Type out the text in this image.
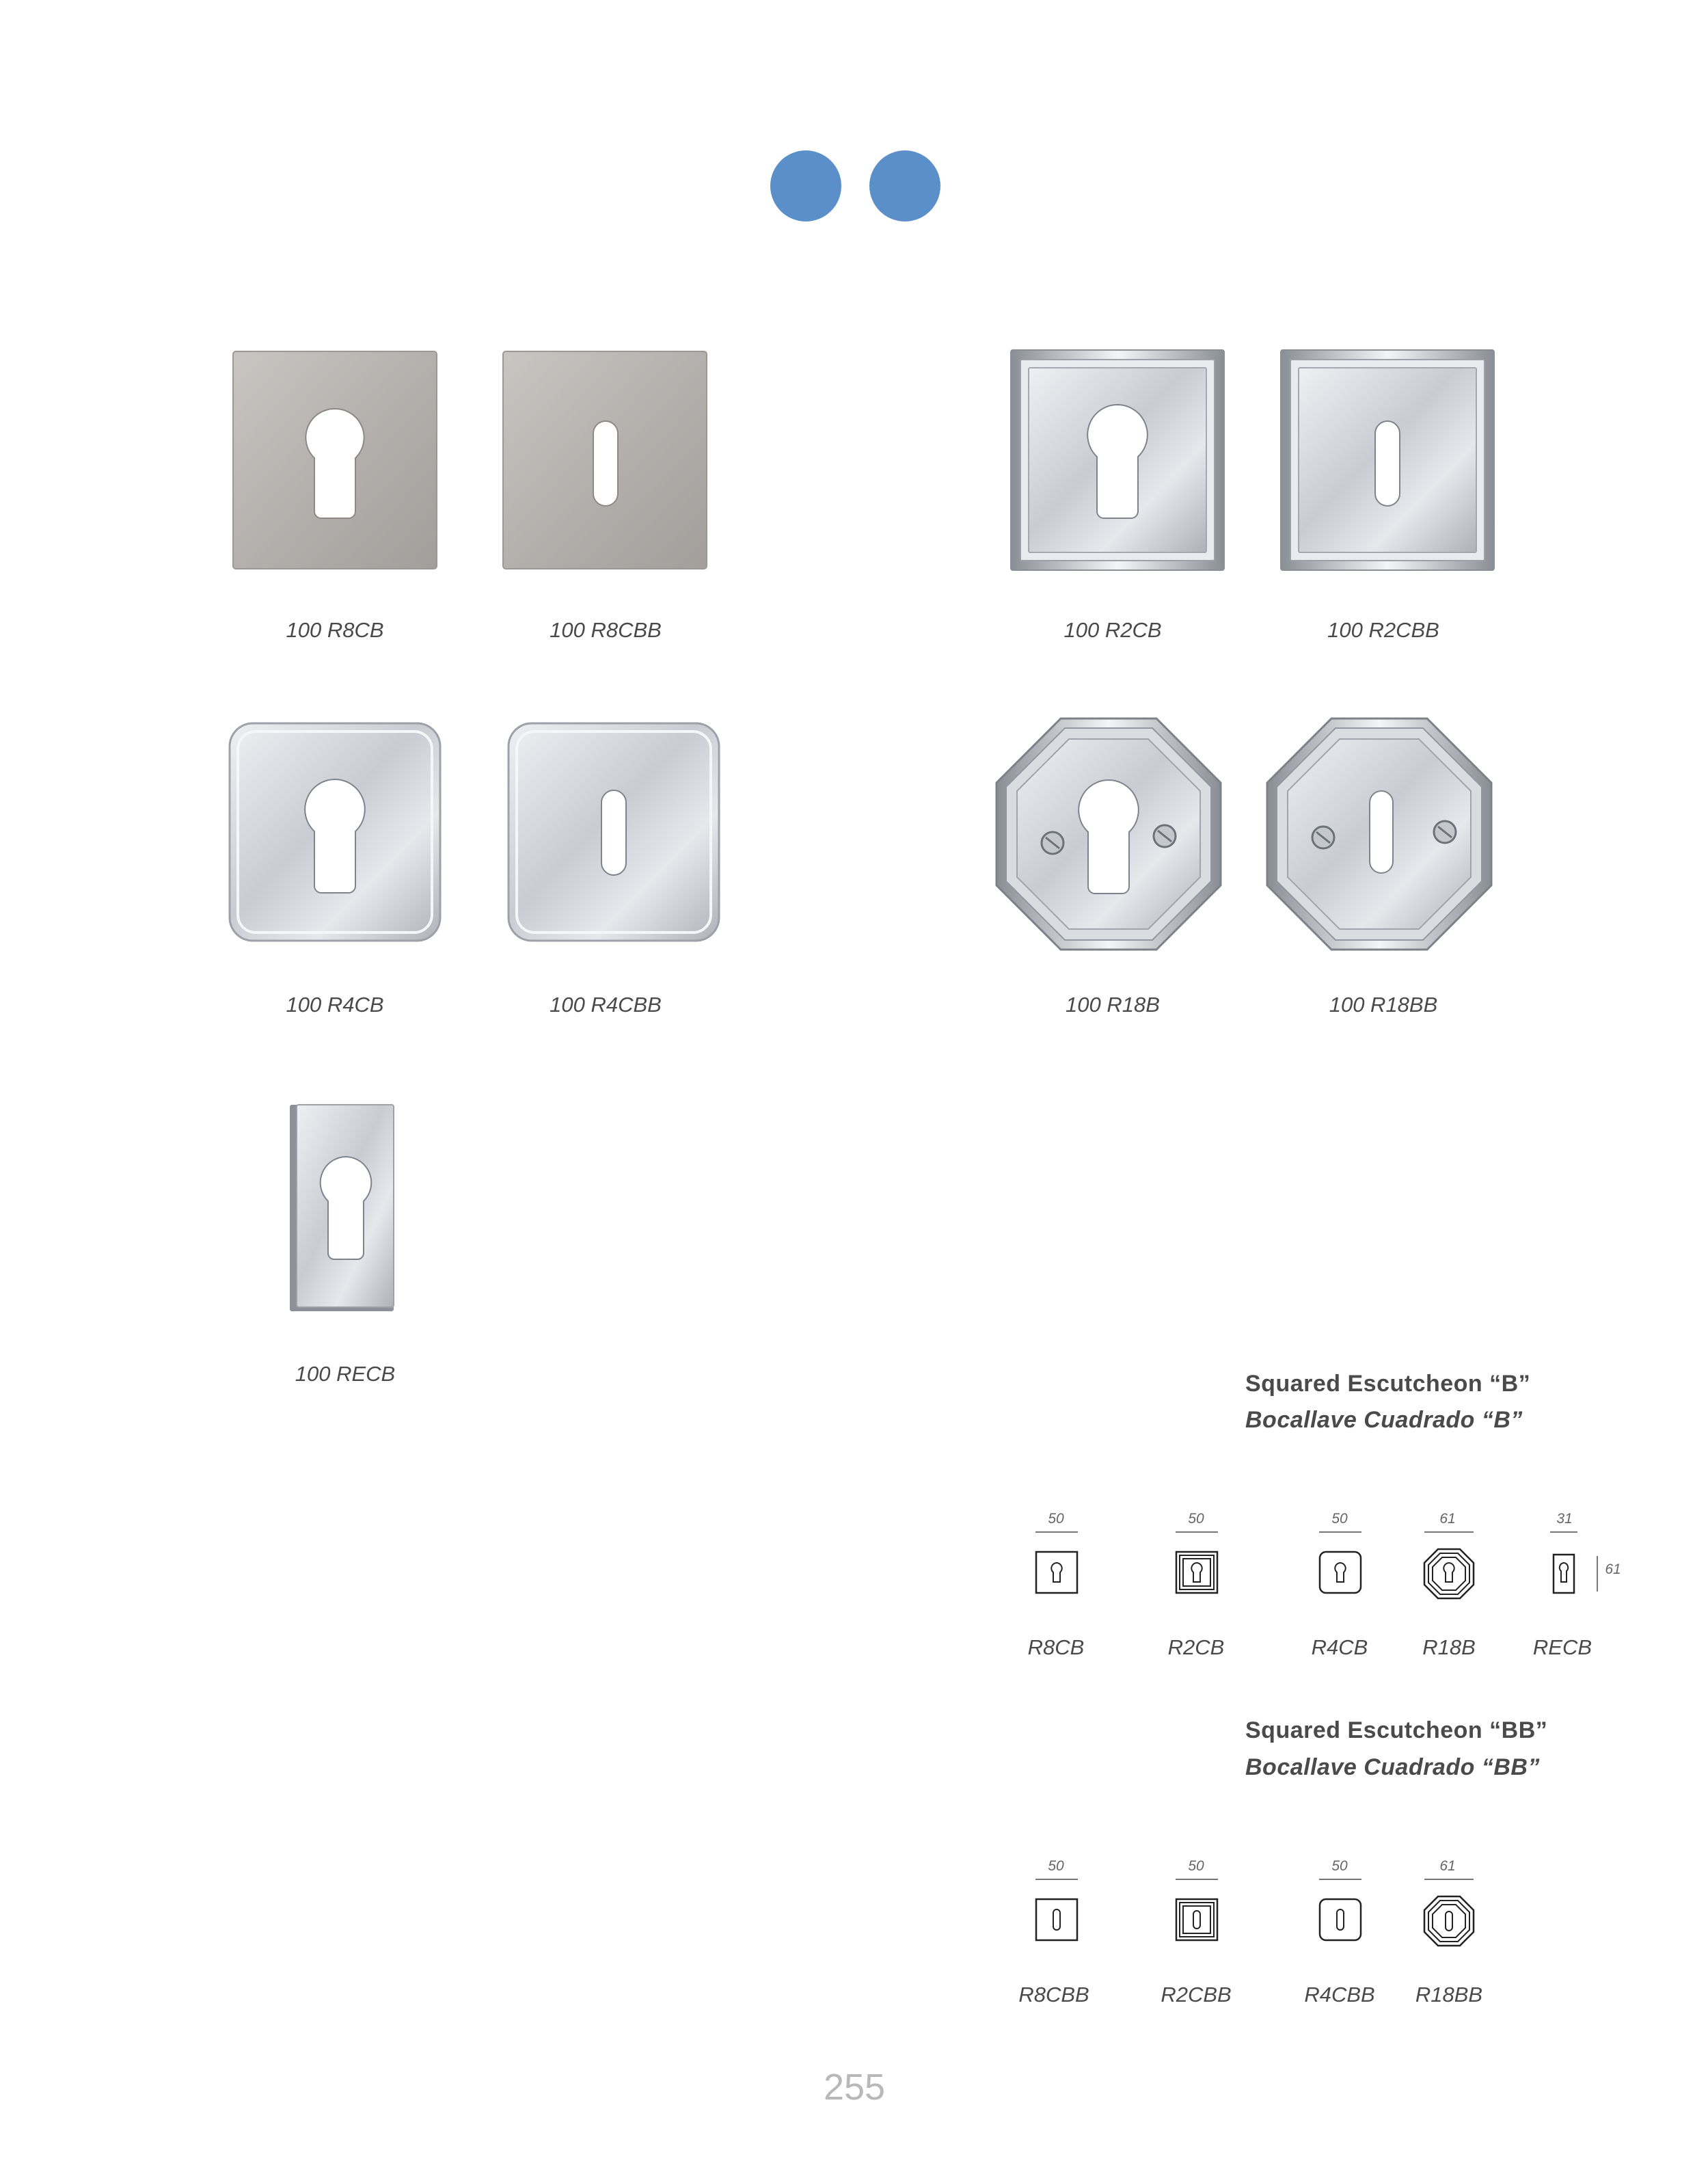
100 R8CB	100 R8CBB	100 R2CB	100 R2CBB
100 R4CB	100 R4CBB	100 R18B	100 R18BB
100 RECB	Squared Escutcheon “B”
Bocallave Cuadrado “B”
50
R8CB
50
R2CB
50
R4CB
61
R18B
31
61
RECB
Squared Escutcheon “BB”
Bocallave Cuadrado “BB”
50
R8CBB
50
R2CBB
50
R4CBB
61
R18BB
255
